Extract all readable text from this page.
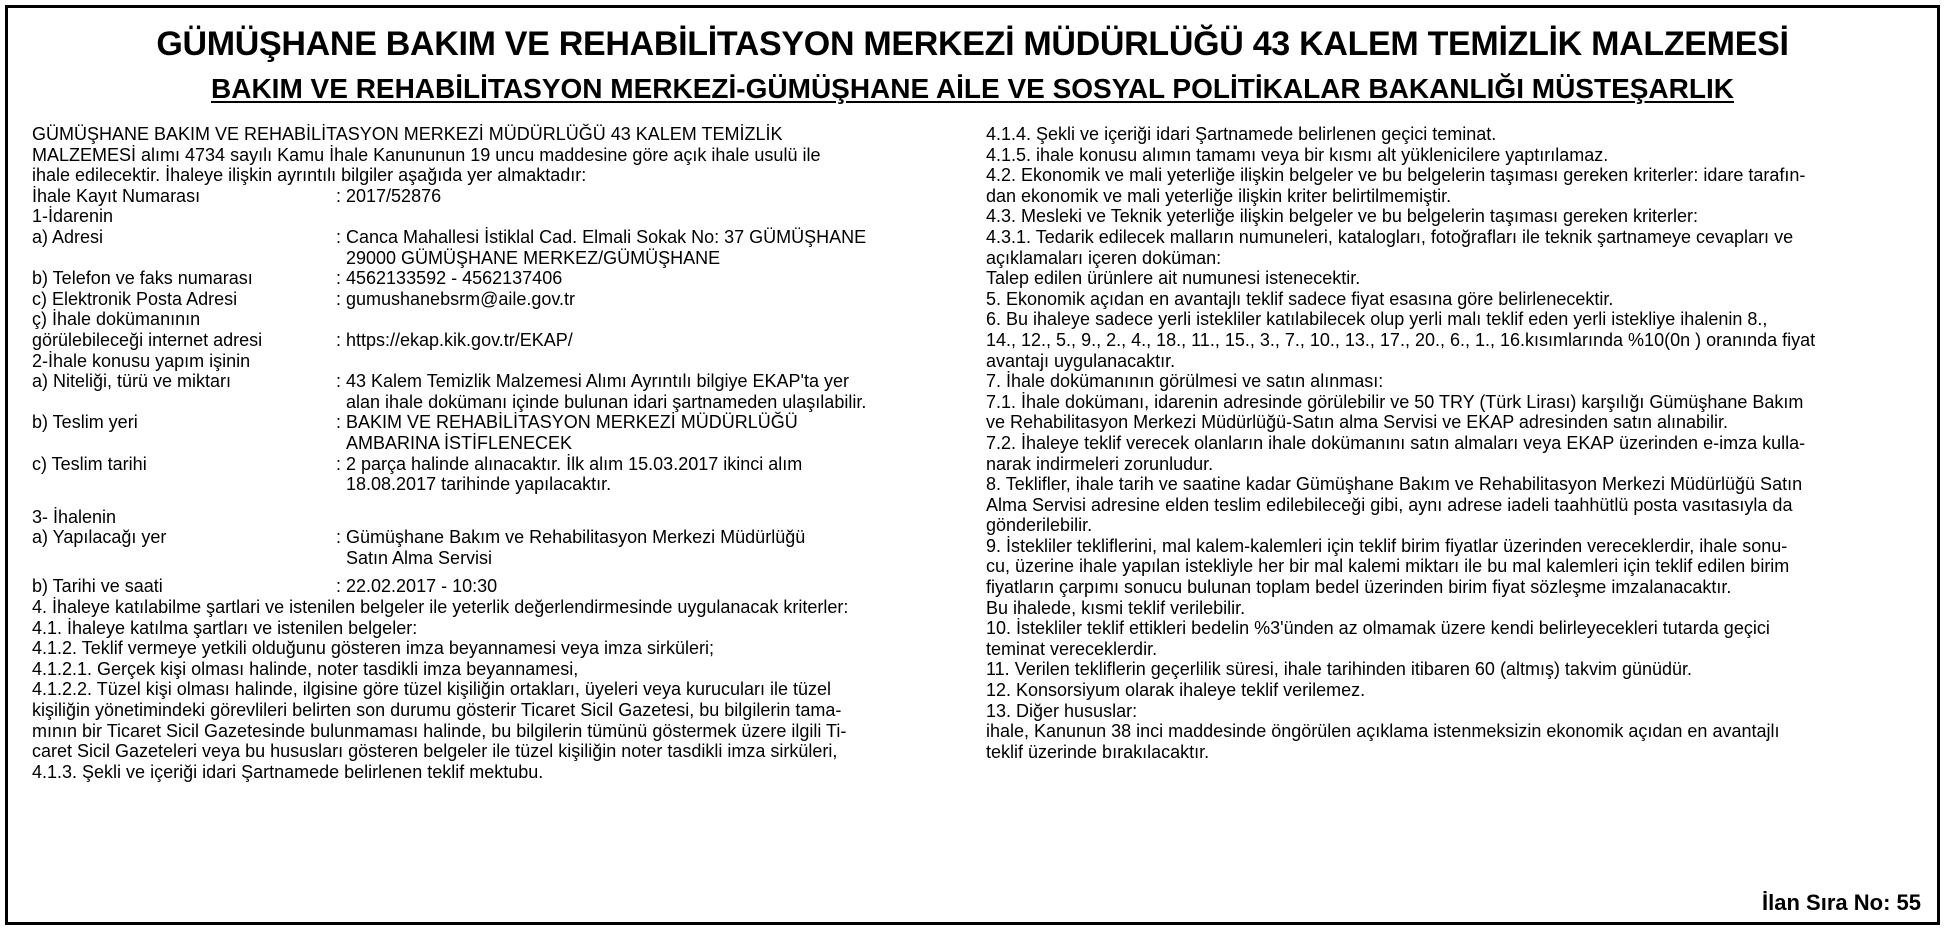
GÜMÜŞHANE BAKIM VE REHABİLİTASYON MERKEZİ MÜDÜRLÜĞÜ 43 KALEM TEMİZLİK MALZEMESİ
BAKIM VE REHABİLİTASYON MERKEZİ-GÜMÜŞHANE AİLE VE SOSYAL POLİTİKALAR BAKANLIĞI MÜSTEŞARLIK
GÜMÜŞHANE BAKIM VE REHABİLİTASYON MERKEZİ MÜDÜRLÜĞÜ 43 KALEM TEMİZLİK
MALZEMESİ alımı 4734 sayılı Kamu İhale Kanununun 19 uncu maddesine göre açık ihale usulü ile
ihale edilecektir. İhaleye ilişkin ayrıntılı bilgiler aşağıda yer almaktadır:
İhale Kayıt Numarası	: 2017/52876
1-İdarenin
a) Adresi	: Canca Mahallesi İstiklal Cad. Elmali Sokak No: 37 GÜMÜŞHANE
29000 GÜMÜŞHANE MERKEZ/GÜMÜŞHANE
b) Telefon ve faks numarası	: 4562133592 - 4562137406
c) Elektronik Posta Adresi	: gumushanebsrm@aile.gov.tr
ç) İhale dokümanının
görülebileceği internet adresi	: https://ekap.kik.gov.tr/EKAP/
2-İhale konusu yapım işinin
a) Niteliği, türü ve miktarı	: 43 Kalem Temizlik Malzemesi Alımı Ayrıntılı bilgiye EKAP'ta yer
alan ihale dokümanı içinde bulunan idari şartnameden ulaşılabilir.
b) Teslim yeri	: BAKIM VE REHABİLİTASYON MERKEZİ MÜDÜRLÜĞÜ
AMBARINA İSTİFLENECEK
c) Teslim tarihi	: 2 parça halinde alınacaktır. İlk alım 15.03.2017 ikinci alım
18.08.2017 tarihinde yapılacaktır.
3- İhalenin
a) Yapılacağı yer	: Gümüşhane Bakım ve Rehabilitasyon Merkezi Müdürlüğü
Satın Alma Servisi
b) Tarihi ve saati	: 22.02.2017 - 10:30
4. İhaleye katılabilme şartlari ve istenilen belgeler ile yeterlik değerlendirmesinde uygulanacak kriterler:
4.1. İhaleye katılma şartları ve istenilen belgeler:
4.1.2. Teklif vermeye yetkili olduğunu gösteren imza beyannamesi veya imza sirküleri;
4.1.2.1. Gerçek kişi olması halinde, noter tasdikli imza beyannamesi,
4.1.2.2. Tüzel kişi olması halinde, ilgisine göre tüzel kişiliğin ortakları, üyeleri veya kurucuları ile tüzel
kişiliğin yönetimindeki görevlileri belirten son durumu gösterir Ticaret Sicil Gazetesi, bu bilgilerin tama-
mının bir Ticaret Sicil Gazetesinde bulunmaması halinde, bu bilgilerin tümünü göstermek üzere ilgili Ti-
caret Sicil Gazeteleri veya bu hususları gösteren belgeler ile tüzel kişiliğin noter tasdikli imza sirküleri,
4.1.3. Şekli ve içeriği idari Şartnamede belirlenen teklif mektubu.
4.1.4. Şekli ve içeriği idari Şartnamede belirlenen geçici teminat.
4.1.5. ihale konusu alımın tamamı veya bir kısmı alt yüklenicilere yaptırılamaz.
4.2. Ekonomik ve mali yeterliğe ilişkin belgeler ve bu belgelerin taşıması gereken kriterler: idare tarafın-
dan ekonomik ve mali yeterliğe ilişkin kriter belirtilmemiştir.
4.3. Mesleki ve Teknik yeterliğe ilişkin belgeler ve bu belgelerin taşıması gereken kriterler:
4.3.1. Tedarik edilecek malların numuneleri, katalogları, fotoğrafları ile teknik şartnameye cevapları ve
açıklamaları içeren doküman:
Talep edilen ürünlere ait numunesi istenecektir.
5. Ekonomik açıdan en avantajlı teklif sadece fiyat esasına göre belirlenecektir.
6. Bu ihaleye sadece yerli istekliler katılabilecek olup yerli malı teklif eden yerli istekliye ihalenin 8.,
14., 12., 5., 9., 2., 4., 18., 11., 15., 3., 7., 10., 13., 17., 20., 6., 1., 16.kısımlarında %10(0n ) oranında fiyat
avantajı uygulanacaktır.
7. İhale dokümanının görülmesi ve satın alınması:
7.1. İhale dokümanı, idarenin adresinde görülebilir ve 50 TRY (Türk Lirası) karşılığı Gümüşhane Bakım
ve Rehabilitasyon Merkezi Müdürlüğü-Satın alma Servisi ve EKAP adresinden satın alınabilir.
7.2. İhaleye teklif verecek olanların ihale dokümanını satın almaları veya EKAP üzerinden e-imza kulla-
narak indirmeleri zorunludur.
8. Teklifler, ihale tarih ve saatine kadar Gümüşhane Bakım ve Rehabilitasyon Merkezi Müdürlüğü Satın
Alma Servisi adresine elden teslim edilebileceği gibi, aynı adrese iadeli taahhütlü posta vasıtasıyla da
gönderilebilir.
9. İstekliler tekliflerini, mal kalem-kalemleri için teklif birim fiyatlar üzerinden vereceklerdir, ihale sonu-
cu, üzerine ihale yapılan istekliyle her bir mal kalemi miktarı ile bu mal kalemleri için teklif edilen birim
fiyatların çarpımı sonucu bulunan toplam bedel üzerinden birim fiyat sözleşme imzalanacaktır.
Bu ihalede, kısmi teklif verilebilir.
10. İstekliler teklif ettikleri bedelin %3'ünden az olmamak üzere kendi belirleyecekleri tutarda geçici
teminat vereceklerdir.
11. Verilen tekliflerin geçerlilik süresi, ihale tarihinden itibaren 60 (altmış) takvim günüdür.
12. Konsorsiyum olarak ihaleye teklif verilemez.
13. Diğer hususlar:
ihale, Kanunun 38 inci maddesinde öngörülen açıklama istenmeksizin ekonomik açıdan en avantajlı
teklif üzerinde bırakılacaktır.
İlan Sıra No: 55
